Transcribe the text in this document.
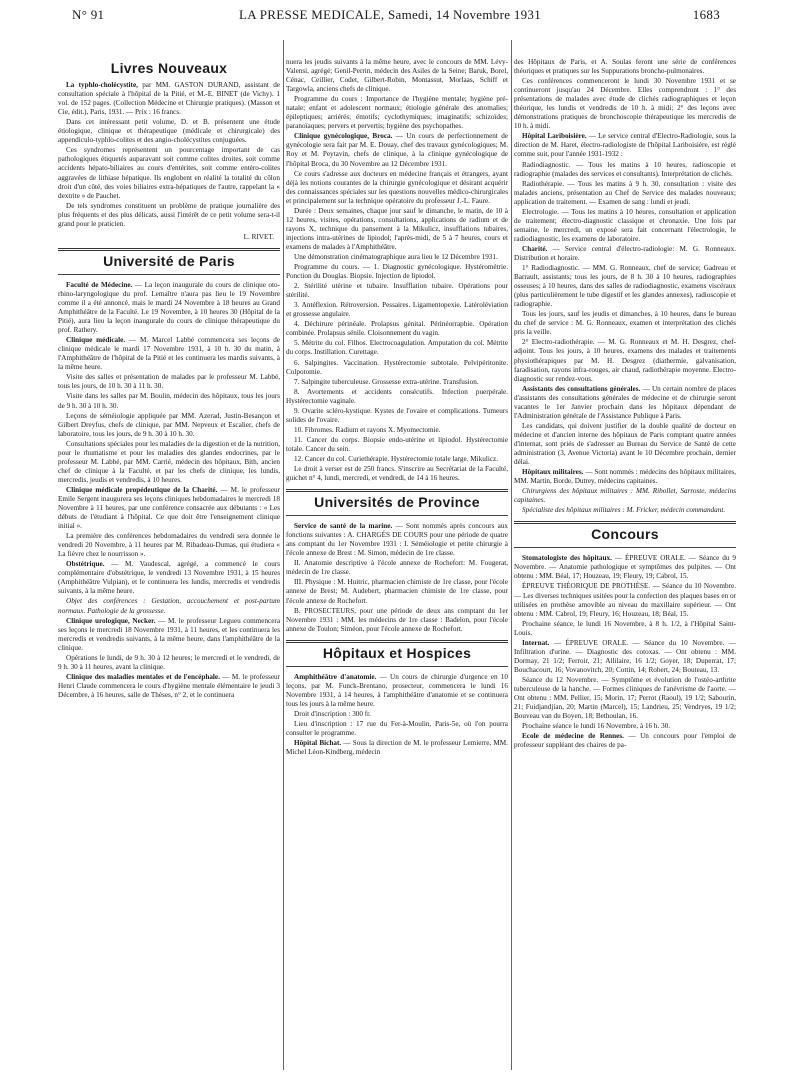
N° 91	LA PRESSE MEDICALE, Samedi, 14 Novembre 1931	1683
Livres Nouveaux

La typhlo-cholécystite, par MM. GASTON DURAND, assistant de consultation spéciale à l'hôpital de la Pitié, et M.-E. BINET (de Vichy). 1 vol. de 152 pages. (Collection Médecine et Chirurgie pratiques). (Masson et Cie, édit.), Paris, 1931. — Prix : 16 francs.

Dans cet intéressant petit volume, D. et B. présentent une étude étiologique, clinique et thérapeutique (médicale et chirurgicale) des appendiculo-typhlo-colites et des angio-cholécystites conjuguées.

Ces syndromes représentent un pourcentage important de cas pathologiques étiquetés auparavant soit comme colites droites, soit comme accidents hépato-biliaires au cours d'entérites, soit comme entéro-colites aggravées de lithiase hépatique. Ils englobent en réalité la totalité du côlon droit d'un côté, des voies biliaires extra-hépatiques de l'autre, rappelant la « dextrite » de Pauchet.

De tels syndromes constituent un problème de pratique journalière des plus fréquents et des plus délicats, aussi l'intérêt de ce petit volume sera-t-il grand pour le praticien.

L. RIVET.
Université de Paris

Faculté de Médecine. — La leçon inaugurale du cours de clinique oto-rhino-laryngologique du prof. Lemaître n'aura pas lieu le 19 Novembre comme il a été annoncé, mais le mardi 24 Novembre à 18 heures au Grand Amphithéâtre de la Faculté. Le 19 Novembre, à 10 heures 30 (Hôpital de la Pitié), aura lieu la leçon inaugurale du cours de clinique thérapeutique du prof. Rathery.

Clinique médicale. — M. Marcel Labbé commencera ses leçons de clinique médicale le mardi 17 Novembre 1931, à 10 h. 30 du matin, à l'Amphithéâtre de l'hôpital de la Pitié et les continuera les mardis suivants, à la même heure.

Visite des salles et présentation de malades par le professeur M. Labbé, tous les jours, de 10 h. 30 à 11 h. 30.

Visite dans les salles par M. Boulin, médecin des hôpitaux, tous les jours de 9 h. 30 à 10 h. 30.

Leçons de séméiologie appliquée par MM. Azerad, Justin-Besançon et Gilbert Dreyfus, chefs de clinique, par MM. Nepveux et Escalier, chefs de laboratoire, tous les jours, de 9 h. 30 à 10 h. 30.

Consultations spéciales pour les maladies de la digestion et de la nutrition, pour le rhumatisme et pour les maladies des glandes endocrines, par le professeur M. Labbé, par MM. Carrié, médecin des hôpitaux, Bith, ancien chef de clinique à la Faculté, et par les chefs de clinique, les lundis, mercredis, jeudis et vendredis, à 10 heures.

Clinique médicale propédeutique de la Charité. — M. le professeur Emile Sergent inaugurera ses leçons cliniques hebdomadaires le mercredi 18 Novembre à 11 heures, par une conférence consacrée aux débutants : « Les débuts de l'étudiant à l'hôpital. Ce que doit être l'enseignement clinique initial ».

La première des conférences hebdomadaires du vendredi sera donnée le vendredi 20 Novembre, à 11 heures par M. Ribadeau-Dumas, qui étudiera « La fièvre chez le nourrisson ».

Obstétrique. — M. Vaudescal, agrégé, a commencé le cours complémentaire d'obstétrique, le vendredi 13 Novembre 1931, à 15 heures (Amphithéâtre Vulpian), et le continuera les lundis, mercredis et vendredis suivants, à la même heure.

Objet des conférences : Gestation, accouchement et post-partum normaux. Pathologie de la grossesse.

Clinique urologique, Necker. — M. le professeur Legueu commencera ses leçons le mercredi 18 Novembre 1931, à 11 heures, et les continuera les mercredis et vendredis suivants, à la même heure, dans l'amphithéâtre de la clinique.

Opérations le lundi, de 9 h. 30 à 12 heures; le mercredi et le vendredi, de 9 h. 30 à 11 heures, avant la clinique.

Clinique des maladies mentales et de l'encéphale. — M. le professeur Henri Claude commencera le cours d'hygiène mentale élémentaire le jeudi 3 Décembre, à 16 heures, salle de Thèses, n° 2, et le continuera

nuera les jeudis suivants à la même heure, avec le concours de MM. Lévy-Valensi, agrégé; Genil-Perrin, médecin des Asiles de la Seine; Baruk, Borel, Cénac, Ceillier, Codet, Gilbert-Robin, Montassut, Morlaas, Schiff et Targowla, anciens chefs de clinique.

Programme du cours : Importance de l'hygiène mentale; hygiène pré-natale; enfant et adolescent normaux; étiologie générale des anomalies; épileptiques; arriérés; émotifs; cyclothymiques; imaginatifs; schizoïdes; paranoïaques; pervers et pervertis; hygiène des psychopathes.

Clinique gynécologique, Broca. — Un cours de perfectionnement de gynécologie sera fait par M. E. Douay, chef des travaux gynécologiques; M. Roy et M. Peytavin, chefs de clinique, à la clinique gynécologique de l'hôpital Broca, du 30 Novembre au 12 Décembre 1931.

Ce cours s'adresse aux docteurs en médecine français et étrangers, ayant déjà les notions courantes de la chirurgie gynécologique et désirant acquérir des connaissances spéciales sur les questions nouvelles médico-chirurgicales et principalement sur la technique opératoire du professeur J.-L. Faure.

Durée : Deux semaines, chaque jour sauf le dimanche, le matin, de 10 à 12 heures, visites, opérations, consultations, applications de radium et de rayons X, technique du pansement à la Mikulicz, insufflations tubaires, injections intra-utérines de lipiodol; l'après-midi, de 5 à 7 heures, cours et examens de malades à l'Amphithéâtre.

Une démonstration cinématographique aura lieu le 12 Décembre 1931.

Programme du cours. — 1. Diagnostic gynécologique. Hystérométrie. Ponction du Douglas. Biopsie. Injection de lipiodol.

2. Stérilité utérine et tubaire. Insufflation tubaire. Opérations pour stérilité.

3. Antéflexion. Rétroversion. Pessaires. Ligamentopexie. Latéroléviation et grossesse angulaire.

4. Déchirure périnéale. Prolapsus génital. Périnéorraphie. Opération combinée. Prolapsus sénile. Cloisonnement du vagin.

5. Métrite du col. Filhos. Electrocoagulation. Amputation du col. Métrite du corps. Instillation. Curettage.

6. Salpingites. Vaccination. Hystérectomie subtotale. Pelvipéritonite. Colpotomie.

7. Salpingite tuberculeuse. Grossesse extra-utérine. Transfusion.

8. Avortements et accidents consécutifs. Infection puerpérale. Hystérectomie vaginale.

9. Ovarite scléro-kystique. Kystes de l'ovaire et complications. Tumeurs solides de l'ovaire.

10. Fibromes. Radium et rayons X. Myomectomie.

11. Cancer du corps. Biopsie endo-utérine et lipiodol. Hystérectomie totale. Cancer du sein.

12. Cancer du col. Curiethérapie. Hystérectomie totale large. Mikulicz.

Le droit à verser est de 250 francs. S'inscrire au Secrétariat de la Faculté, guichet n° 4, lundi, mercredi, et vendredi, de 14 à 16 heures.

Universités de Province

Service de santé de la marine. — Sont nommés après concours aux fonctions suivantes : A. CHARGÉS DE COURS pour une période de quatre ans comptant du 1er Novembre 1931 : I. Séméiologie et petite chirurgie à l'école annexe de Brest : M. Simon, médecin de 1re classe.

II. Anatomie descriptive à l'école annexe de Rochefort: M. Fougerat, médecin de 1re classe.

III. Physique : M. Huitric, pharmacien chimiste de 1re classe, pour l'école annexe de Brest; M. Audebert, pharmacien chimiste de 1re classe, pour l'école annexe de Rochefort.

B. PROSECTEURS, pour une période de deux ans comptant du 1er Novembre 1931 : MM. les médecins de 1re classe : Badelon, pour l'école annexe de Toulon; Siméon, pour l'école annexe de Rochefort.

Hôpitaux et Hospices

Amphithéâtre d'anatomie. — Un cours de chirurgie d'urgence en 10 leçons, par M. Funck-Brentano, prosecteur, commencera le lundi 16 Novembre 1931, à 14 heures, à l'amphithéâtre d'anatomie et se continuera tous les jours à la même heure.

Droit d'inscription : 300 fr.

Lieu d'inscription : 17 rue du Fer-à-Moulin, Paris-5e, où l'on pourra consulter le programme.

Hôpital Bichat. — Sous la direction de M. le professeur Lemierre, MM. Michel Léon-Kindberg, médecin

des Hôpitaux de Paris, et A. Soulas feront une série de conférences théoriques et pratiques sur les Suppurations broncho-pulmonaires.

Ces conférences commenceront le lundi 30 Novembre 1931 et se continueront jusqu'au 24 Décembre. Elles comprendront : 1° des présentations de malades avec étude de clichés radiographiques et leçon théorique, les lundis et vendredis de 10 h. à midi; 2° des leçons avec démonstrations pratiques de bronchoscopie thérapeutique les mercredis de 10 h. à midi.

Hôpital Lariboisière. — Le service central d'Electro-Radiologie, sous la direction de M. Haret, électro-radiologiste de l'hôpital Lariboisière, est réglé comme suit, pour l'année 1931-1932 :

Radiodiagnostic. — Tous les matins à 10 heures, radioscopie et radiographie (malades des services et consultants). Interprétation de clichés.

Radiothérapie. — Tous les matins à 9 h. 30, consultation : visite des malades anciens, présentation au Chef de Service des malades nouveaux; application de traitement. — Examen de sang : lundi et jeudi.

Electrologie. — Tous les matins à 10 heures, consultation et application de traitement; électro-diagnostic classique et chronaxie. Une fois par semaine, le mercredi, un exposé sera fait concernant l'électrologie, le radiodiagnostic, les examens de laboratoire.

Charité. — Service central d'électro-radiologie: M. G. Ronneaux. Distribution et horaire.

1° Radiodiagnostic. — MM. G. Ronneaux, chef de service; Gadreau et Barrault, assistants; tous les jours, de 8 h. 30 à 10 heures, radiographies osseuses; à 10 heures, dans des salles de radiodiagnostic, examens viscéraux (plus particulièrement le tube digestif et les glandes annexes), radioscopie et radiographie.

Tous les jours, sauf les jeudis et dimanches, à 10 heures, dans le bureau du chef de service : M. G. Ronneaux, examen et interprétation des clichés pris la veille.

2° Electro-radiothérapie. — M. G. Ronneaux et M. H. Desgrez, chef-adjoint. Tous les jours, à 10 heures, examens des malades et traitements physiothérapiques par M. H. Desgrez (diathermie, galvanisation, faradisation, rayons infra-rouges, air chaud, radiothérapie moyenne. Electro-diagnostic sur rendez-vous.

Assistants des consultations générales. — Un certain nombre de places d'assistants des consultations générales de médecine et de chirurgie seront vacantes le 1er Janvier prochain dans les hôpitaux dépendant de l'Administration générale de l'Assistance Publique à Paris.

Les candidats, qui doivent justifier de la double qualité de docteur en médecine et d'ancien interne des hôpitaux de Paris comptant quatre années d'internat, sont priés de s'adresser au Bureau du Service de Santé de cette administration (3, Avenue Victoria) avant le 10 Décembre prochain, dernier délai.

Hôpitaux militaires. — Sont nommés : médecins des hôpitaux militaires, MM. Martin, Borde, Dutrey, médecins capitaines.

Chirurgiens des hôpitaux militaires : MM. Ribollet, Sarroste, médecins capitaines.

Spécialiste des hôpitaux militaires : M. Fricker, médecin commandant.

Concours

Stomatologiste des hôpitaux. — ÉPREUVE ORALE. — Séance du 9 Novembre. — Anatomie pathologique et symptômes des pulpites. — Ont obtenu : MM. Béal, 17; Houzeau, 19; Fleury, 19; Cabrol, 15.

ÉPREUVE THÉORIQUE DE PROTHÈSE. — Séance du 10 Novembre. — Les diverses techniques usitées pour la confection des plaques bases en or utilisées en prothèse amovible au niveau du maxillaire supérieur. — Ont obtenu : MM. Cabrol, 19; Fleury, 16; Houzeau, 18; Béal, 15.

Prochaine séance, le lundi 16 Novembre, à 8 h. 1/2, à l'Hôpital Saint-Louis.

Internat. — ÉPREUVE ORALE. — Séance du 10 Novembre. — Infiltration d'urine. — Diagnostic des cotoxas. — Ont obtenu : MM. Dormay, 21 1/2; Ferroir, 21; Allilaire, 16 1/2; Goyer, 18; Duperrat, 17; Bouchacourt, 16; Vovanovitch, 20; Cottin, 14; Robert, 24; Bouteau, 13.

Séance du 12 Novembre. — Symptôme et évolution de l'ostéo-arthrite tuberculeuse de la hanche. — Formes cliniques de l'anévrisme de l'aorte. — Ont obtenu : MM. Pellier, 15; Morin, 17; Perrot (Raoul), 19 1/2; Sabourin, 21; Fuidjandjian, 20; Martin (Marcel), 15; Landrieu, 25; Vendryes, 19 1/2; Bouveau van du Boyen, 18; Bethoulan, 16.

Prochaine séance le lundi 16 Novembre, à 16 h. 30.

Ecole de médecine de Rennes. — Un concours pour l'emploi de professeur suppléant des chaires de pa-
